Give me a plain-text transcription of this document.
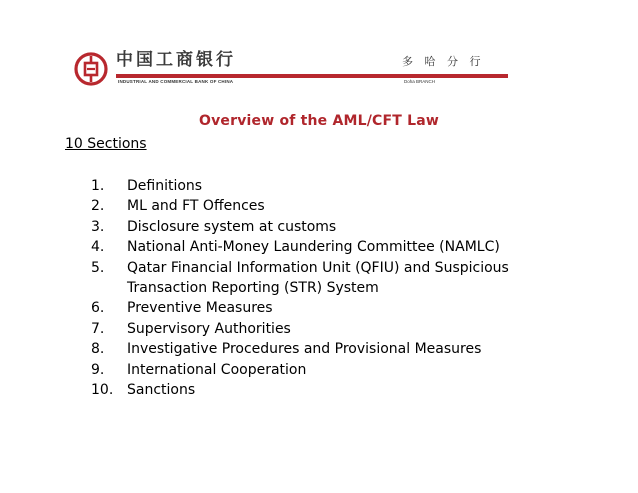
中国工商银行
INDUSTRIAL AND COMMERCIAL BANK OF CHINA
多 哈 分 行
Doha BRANCH
Overview of the AML/CFT Law
10 Sections
1.	Definitions
2.	ML and FT Offences
3.	Disclosure system at customs
4.	National Anti-Money Laundering Committee (NAMLC)
5.	Qatar Financial Information Unit (QFIU) and Suspicious Transaction Reporting (STR) System
6.	Preventive Measures
7.	Supervisory Authorities
8.	Investigative Procedures and Provisional Measures
9.	International Cooperation
10. Sanctions
